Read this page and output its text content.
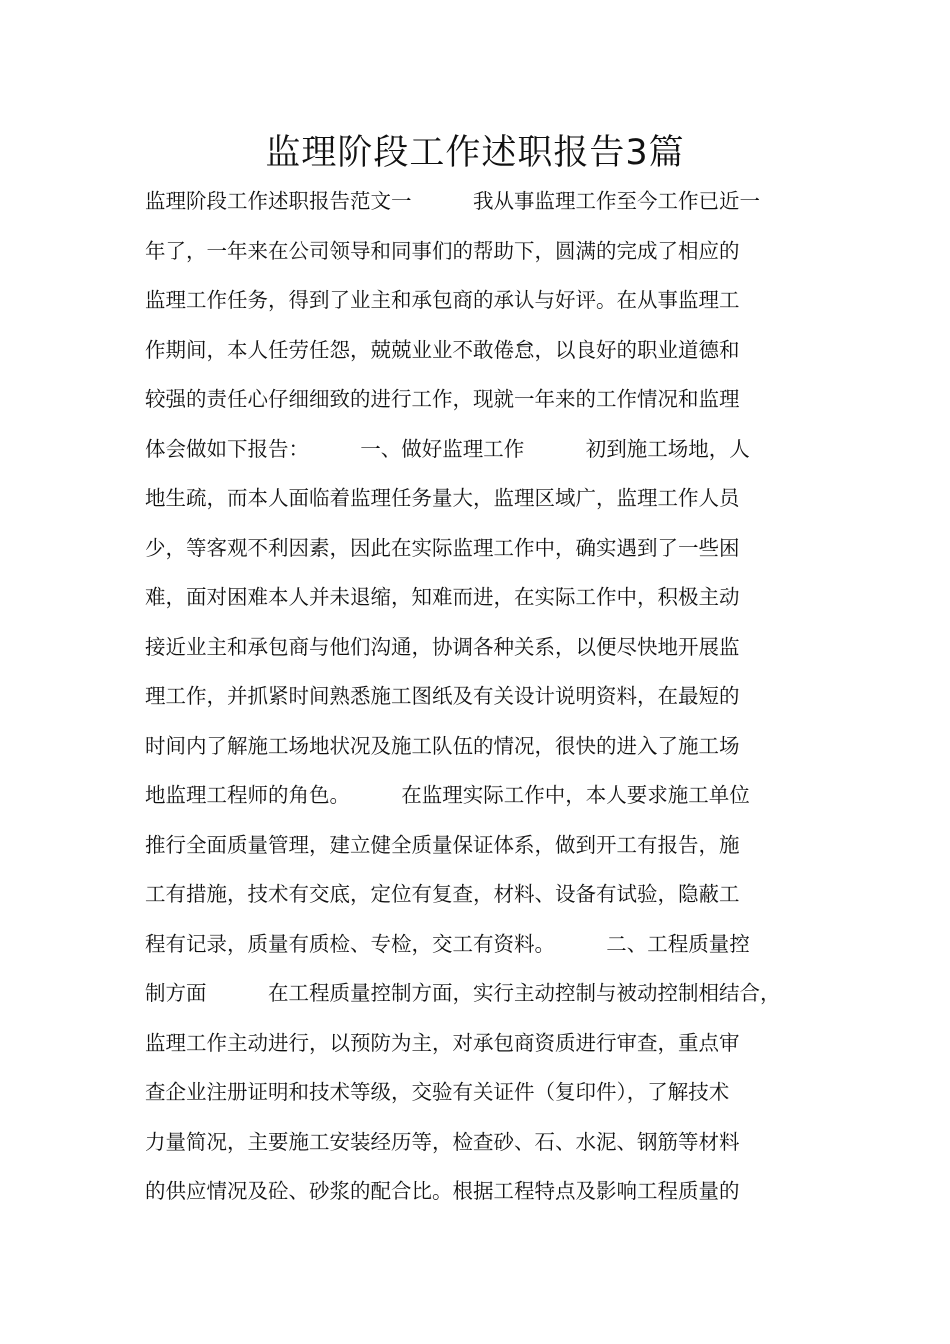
监理阶段工作述职报告3篇
监理阶段工作述职报告范文一　　　我从事监理工作至今工作已近一
年了，一年来在公司领导和同事们的帮助下，圆满的完成了相应的
监理工作任务，得到了业主和承包商的承认与好评。在从事监理工
作期间，本人任劳任怨，兢兢业业不敢倦怠，以良好的职业道德和
较强的责任心仔细细致的进行工作，现就一年来的工作情况和监理
体会做如下报告：　　　一、做好监理工作　　　初到施工场地，人
地生疏，而本人面临着监理任务量大，监理区域广，监理工作人员
少，等客观不利因素，因此在实际监理工作中，确实遇到了一些困
难，面对困难本人并未退缩，知难而进，在实际工作中，积极主动
接近业主和承包商与他们沟通，协调各种关系，以便尽快地开展监
理工作，并抓紧时间熟悉施工图纸及有关设计说明资料，在最短的
时间内了解施工场地状况及施工队伍的情况，很快的进入了施工场
地监理工程师的角色。　　　在监理实际工作中，本人要求施工单位
推行全面质量管理，建立健全质量保证体系，做到开工有报告，施
工有措施，技术有交底，定位有复查，材料、设备有试验，隐蔽工
程有记录，质量有质检、专检，交工有资料。　　　二、工程质量控
制方面　　　在工程质量控制方面，实行主动控制与被动控制相结合，
监理工作主动进行，以预防为主，对承包商资质进行审查，重点审
查企业注册证明和技术等级，交验有关证件（复印件），了解技术
力量简况，主要施工安装经历等，检查砂、石、水泥、钢筋等材料
的供应情况及砼、砂浆的配合比。根据工程特点及影响工程质量的
